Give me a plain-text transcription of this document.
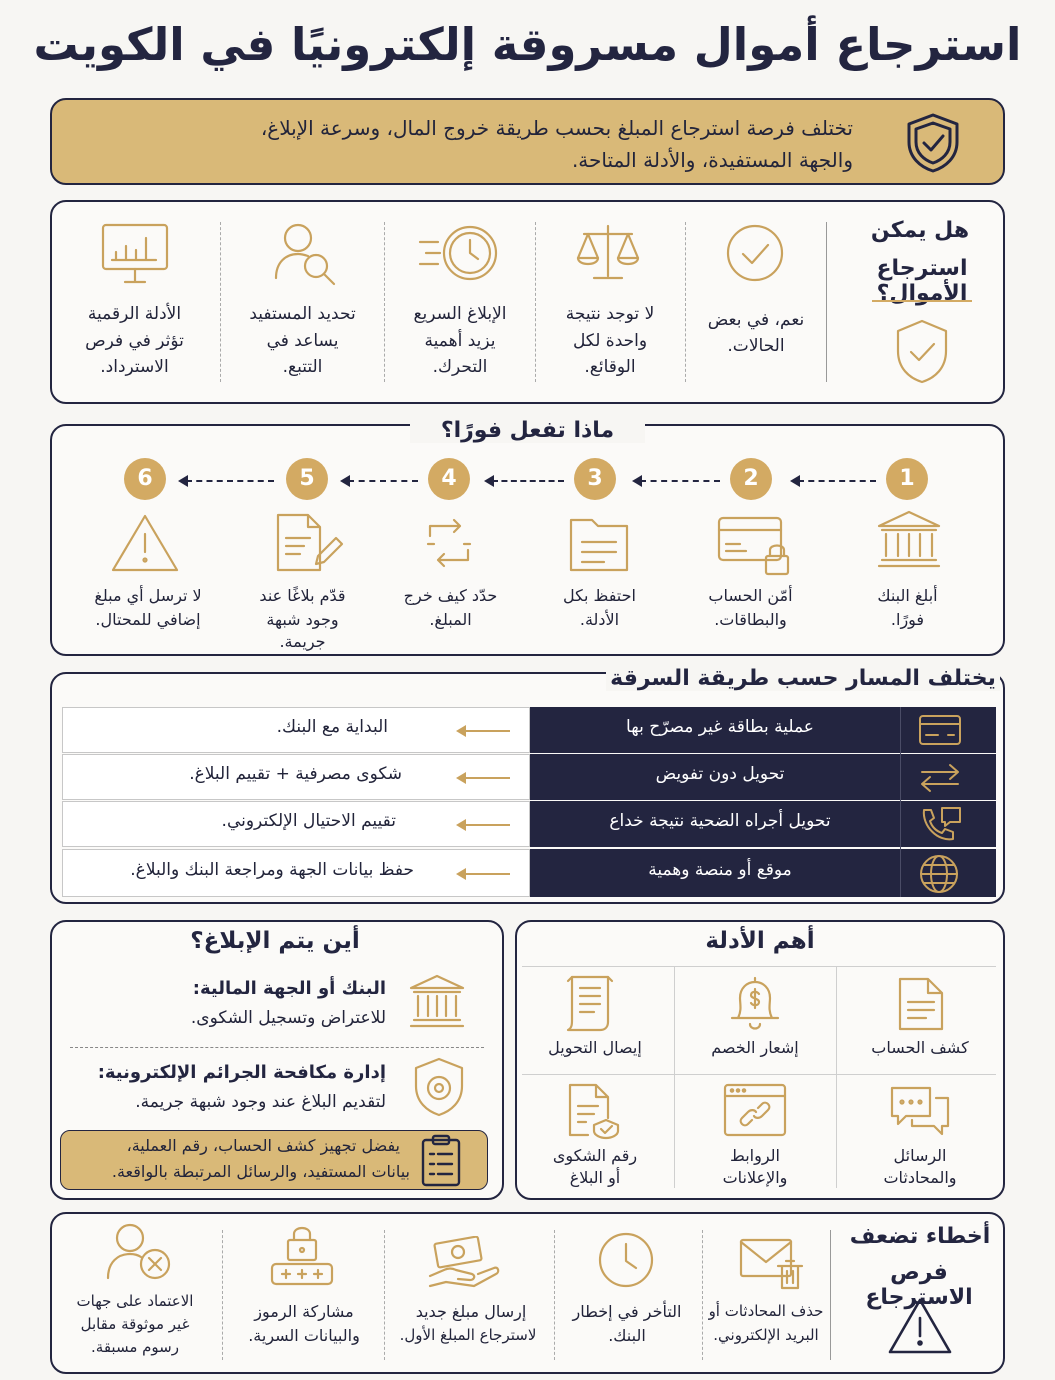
استرجاع أموال مسروقة إلكترونيًا في الكويت
تختلف فرصة استرجاع المبلغ بحسب طريقة خروج المال، وسرعة الإبلاغ،
والجهة المستفيدة، والأدلة المتاحة.
هل يمكن
استرجاع الأموال؟
نعم، في بعض
الحالات.
لا توجد نتيجة
واحدة لكل
الوقائع.
الإبلاغ السريع
يزيد أهمية
التحرك.
تحديد المستفيد
يساعد في
التتبع.
الأدلة الرقمية
تؤثر في فرص
الاسترداد.
ماذا تفعل فورًا؟
1
2
3
4
5
6
أبلغ البنك
فورًا.
أمّن الحساب
والبطاقات.
احتفظ بكل
الأدلة.
حدّد كيف خرج
المبلغ.
قدّم بلاغًا عند
وجود شبهة
جريمة.
لا ترسل أي مبلغ
إضافي للمحتال.
يختلف المسار حسب طريقة السرقة
عملية بطاقة غير مصرّح بها
تحويل دون تفويض
تحويل أجراه الضحية نتيجة خداع
موقع أو منصة وهمية
البداية مع البنك.
شكوى مصرفية + تقييم البلاغ.
تقييم الاحتيال الإلكتروني.
حفظ بيانات الجهة ومراجعة البنك والبلاغ.
أين يتم الإبلاغ؟
البنك أو الجهة المالية:
للاعتراض وتسجيل الشكوى.
إدارة مكافحة الجرائم الإلكترونية:
لتقديم البلاغ عند وجود شبهة جريمة.
يفضل تجهيز كشف الحساب، رقم العملية،
بيانات المستفيد، والرسائل المرتبطة بالواقعة.
أهم الأدلة
كشف الحساب
إشعار الخصم
إيصال التحويل
الرسائل
والمحادثات
الروابط
والإعلانات
رقم الشكوى
أو البلاغ
أخطاء تضعف
فرص الاسترجاع
حذف المحادثات أو
البريد الإلكتروني.
التأخر في إخطار
البنك.
إرسال مبلغ جديد
لاسترجاع المبلغ الأول.
مشاركة الرموز
والبيانات السرية.
الاعتماد على جهات
غير موثوقة مقابل
رسوم مسبقة.
